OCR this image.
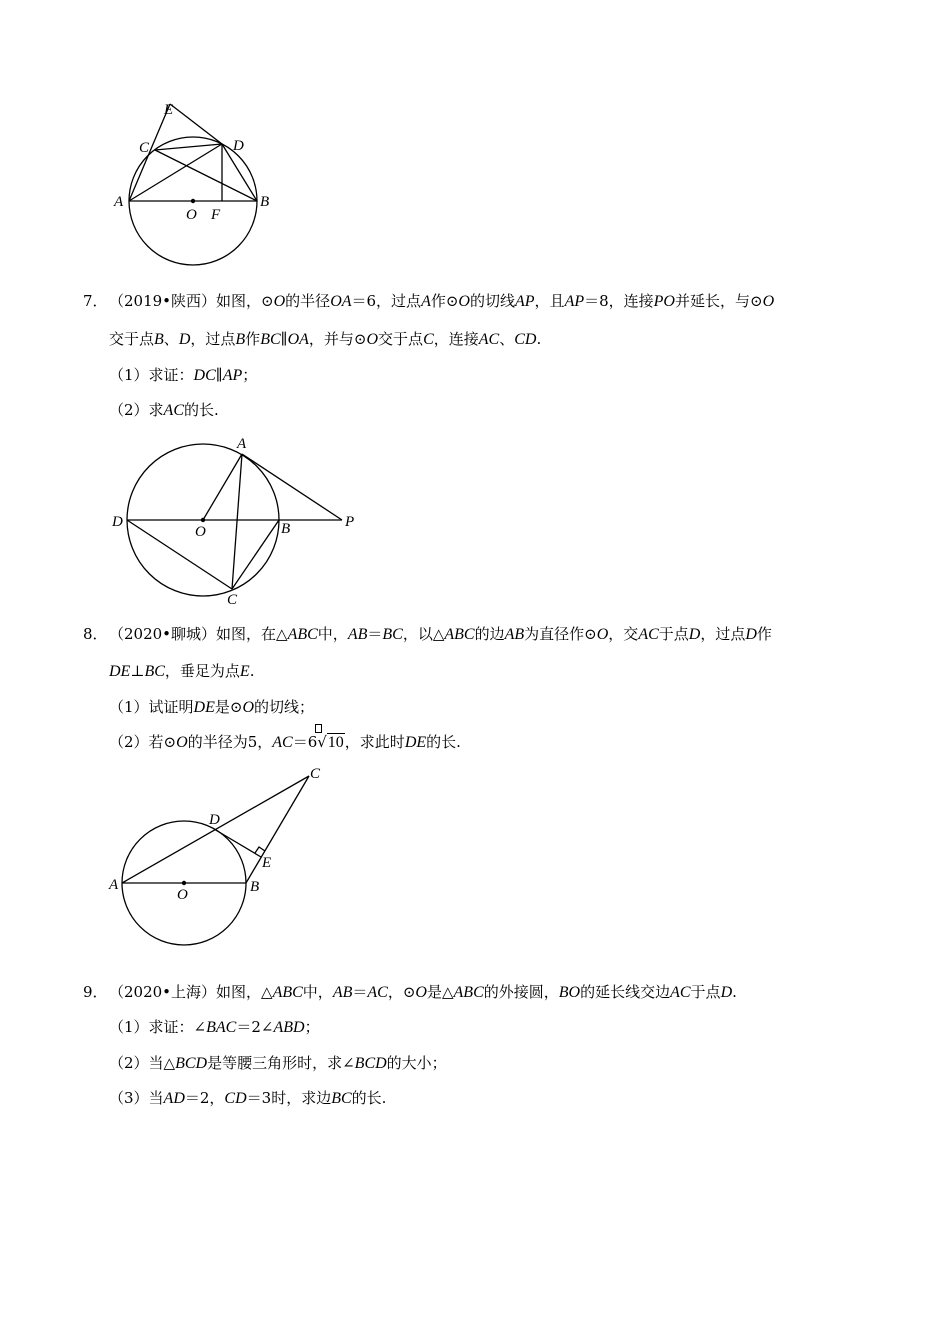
E
C	D
A
O F
B
7．（2019•陕西）如图，⊙O的半径OA＝6，过点A作⊙O的切线AP，且AP＝8，连接PO并延长，与⊙O
交于点B、D，过点B作BC∥OA，并与⊙O交于点C，连接AC、CD.
（1）求证：DC∥AP；
（2）求AC的长.
A
D
O	B	P
C
8．（2020•聊城）如图，在△ABC中，AB＝BC，以△ABC的边AB为直径作⊙O，交AC于点D，过点D作
DE⊥BC，垂足为点E.
（1）试证明DE是⊙O的切线；
（2）若⊙O的半径为5，AC＝6
√10，求此时DE的长.
C
D
E
A
O	B
9．（2020•上海）如图，△ABC中，AB＝AC，⊙O是△ABC的外接圆，BO的延长线交边AC于点D.
（1）求证：∠BAC＝2∠ABD；
（2）当△BCD是等腰三角形时，求∠BCD的大小；
（3）当AD＝2，CD＝3时，求边BC的长.
